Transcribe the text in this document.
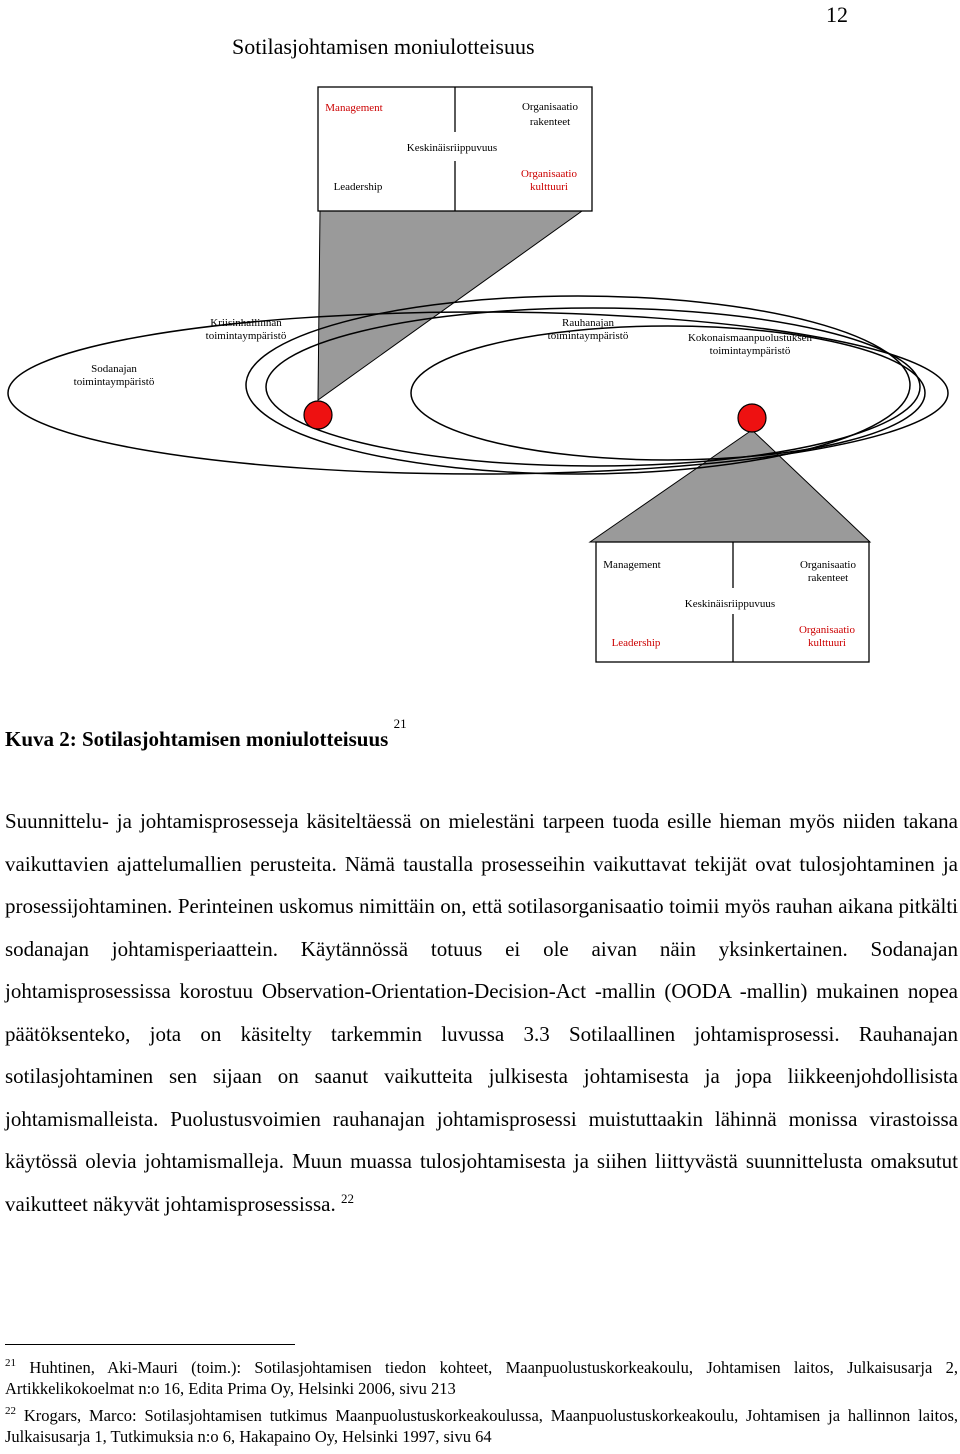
12
Sotilasjohtamisen moniulotteisuus
Management	Organisaatio
rakenteet
Keskinäisriippuvuus
Leadership
Organisaatio
kulttuuri
Kriisinhallinnan
toimintaympäristö
Rauhanajan
toimintaympäristö	Kokonaismaanpuolustuksen
toimintaympäristö
Sodanajan
toimintaympäristö
Management	Organisaatio
rakenteet
Keskinäisriippuvuus
Leadership
Organisaatio
kulttuuri
Kuva 2: Sotilasjohtamisen moniulotteisuus $^{21}$
Suunnittelu- ja johtamisprosesseja käsiteltäessä on mielestäni tarpeen tuoda esille hieman myös niiden takana vaikuttavien ajattelumallien perusteita. Nämä taustalla prosesseihin vaikuttavat tekijät ovat tulosjohtaminen ja prosessijohtaminen. Perinteinen uskomus nimittäin on, että sotilasorganisaatio toimii myös rauhan aikana pitkälti sodanajan johtamisperiaattein. Käytännössä totuus ei ole aivan näin yksinkertainen. Sodanajan johtamisprosessissa korostuu Observation-Orientation-Decision-Act -mallin (OODA -mallin) mukainen nopea päätöksenteko, jota on käsitelty tarkemmin luvussa 3.3 Sotilaallinen johtamisprosessi. Rauhanajan sotilasjohtaminen sen sijaan on saanut vaikutteita julkisesta johtamisesta ja jopa liikkeenjohdollisista johtamismalleista. Puolustusvoimien rauhanajan johtamisprosessi muistuttaakin lähinnä monissa virastoissa käytössä olevia johtamismalleja. Muun muassa tulosjohtamisesta ja siihen liittyvästä suunnittelusta omaksutut vaikutteet näkyvät johtamisprosessissa. $^{22}$
$^{21}$ Huhtinen, Aki-Mauri (toim.): Sotilasjohtamisen tiedon kohteet, Maanpuolustuskorkeakoulu, Johtamisen laitos, Julkaisusarja 2, Artikkelikokoelmat n:o 16, Edita Prima Oy, Helsinki 2006, sivu 213
$^{22}$ Krogars, Marco: Sotilasjohtamisen tutkimus Maanpuolustuskorkeakoulussa, Maanpuolustuskorkeakoulu, Johtamisen ja hallinnon laitos, Julkaisusarja 1, Tutkimuksia n:o 6, Hakapaino Oy, Helsinki 1997, sivu 64
